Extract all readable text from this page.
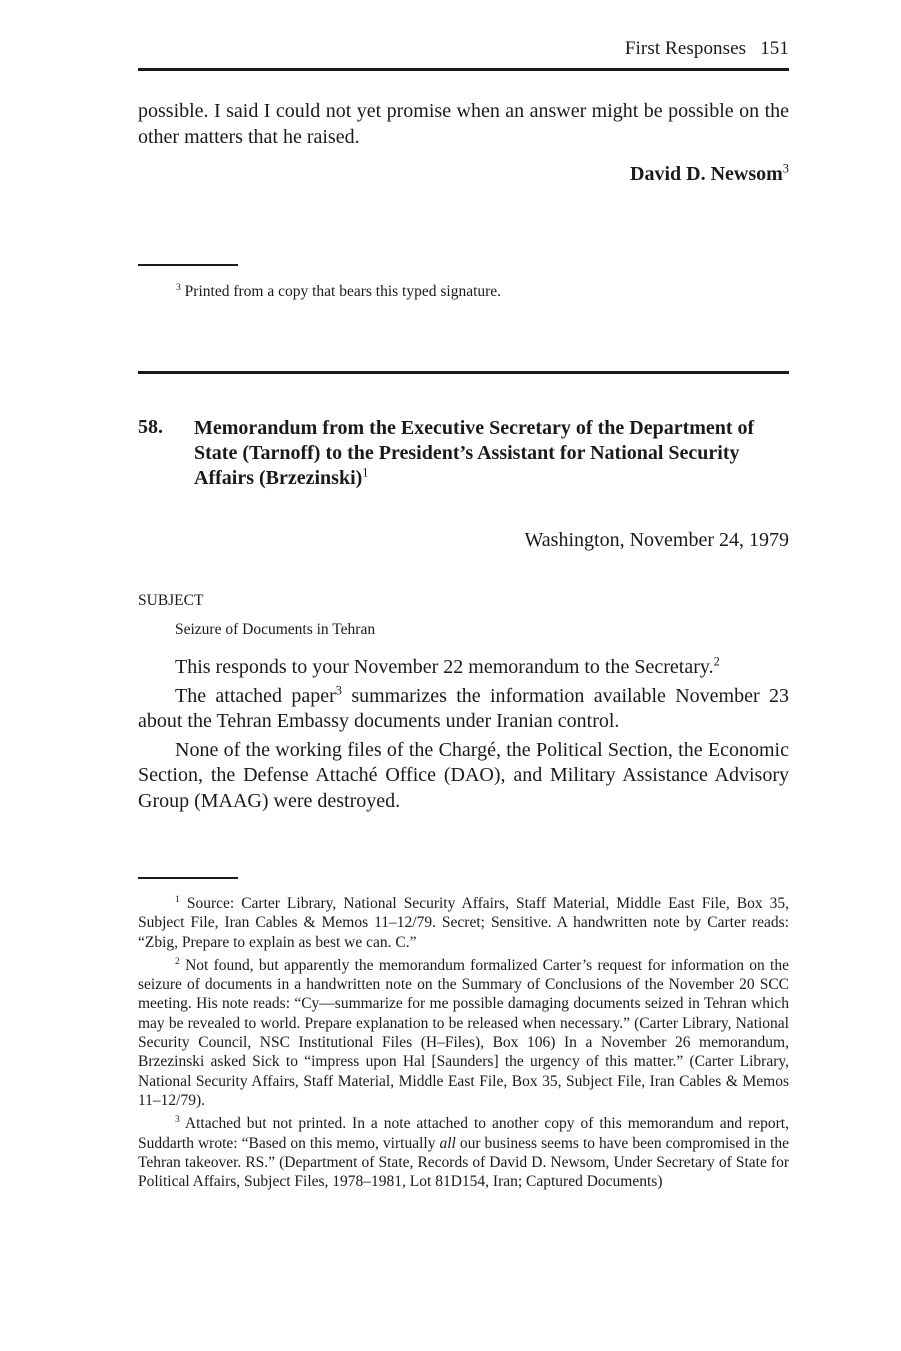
First Responses 151

possible. I said I could not yet promise when an answer might be possible on the other matters that he raised.

David D. Newsom$^3$
$^3$ Printed from a copy that bears this typed signature.
58. Memorandum from the Executive Secretary of the Department of State (Tarnoff) to the President’s Assistant for National Security Affairs (Brzezinski)$^1$

Washington, November 24, 1979
SUBJECT
Seizure of Documents in Tehran

This responds to your November 22 memorandum to the Secretary.$^2$

The attached paper$^3$ summarizes the information available November 23 about the Tehran Embassy documents under Iranian control.

None of the working files of the Chargé, the Political Section, the Economic Section, the Defense Attaché Office (DAO), and Military Assistance Advisory Group (MAAG) were destroyed.

$^1$ Source: Carter Library, National Security Affairs, Staff Material, Middle East File, Box 35, Subject File, Iran Cables & Memos 11–12/79. Secret; Sensitive. A handwritten note by Carter reads: “Zbig, Prepare to explain as best we can. C.”

$^2$ Not found, but apparently the memorandum formalized Carter’s request for information on the seizure of documents in a handwritten note on the Summary of Conclusions of the November 20 SCC meeting. His note reads: “Cy—summarize for me possible damaging documents seized in Tehran which may be revealed to world. Prepare explanation to be released when necessary.” (Carter Library, National Security Council, NSC Institutional Files (H–Files), Box 106) In a November 26 memorandum, Brzezinski asked Sick to “impress upon Hal [Saunders] the urgency of this matter.” (Carter Library, National Security Affairs, Staff Material, Middle East File, Box 35, Subject File, Iran Cables & Memos 11–12/79).

$^3$ Attached but not printed. In a note attached to another copy of this memorandum and report, Suddarth wrote: “Based on this memo, virtually all our business seems to have been compromised in the Tehran takeover. RS.” (Department of State, Records of David D. Newsom, Under Secretary of State for Political Affairs, Subject Files, 1978–1981, Lot 81D154, Iran; Captured Documents)
